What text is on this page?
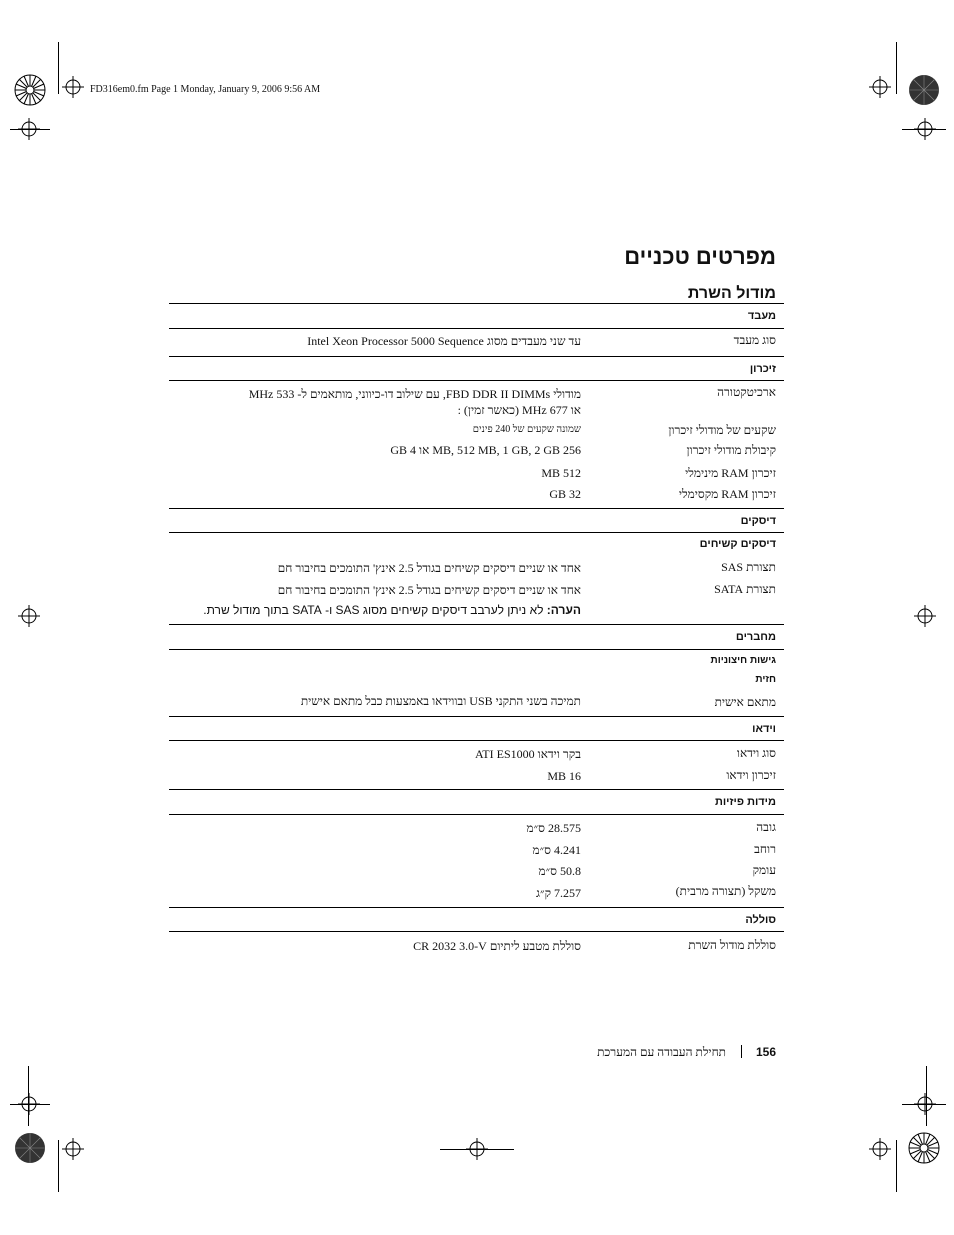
FD316em0.fm Page 1 Monday, January 9, 2006 9:56 AM
מפרטים טכניים
מודול השרת
מעבד
סוג מעבד
עד שני מעבדים מסוג Intel Xeon Processor 5000 Sequence
זיכרון
ארכיטקטורה
מודולי FBD DDR II DIMMs, עם שילוב דו-כיווני, מותאמים ל- 533 MHz
או 677 MHz (כאשר זמין) :
שקעים של מודולי זיכרון
שמונה שקעים של 240 פינים
קיבולת מודולי זיכרון
256 MB, 512 MB, 1 GB, 2 GB או 4 GB
זיכרון RAM מינימלי
512 MB
זיכרון RAM מקסימלי
32 GB
דיסקים
דיסקים קשיחים
תצורת SAS
אחד או שניים דיסקים קשיחים בגודל 2.5 אינץ' התומכים בחיבור חם
תצורת SATA
אחד או שניים דיסקים קשיחים בגודל 2.5 אינץ' התומכים בחיבור חם
הערה: לא ניתן לערבב דיסקים קשיחים מסוג SAS ו- SATA בתוך מודול שרת.
מחברים
גישות חיצוניות
חזית
מתאם אישית
תמיכה בשני התקני USB ובווידאו באמצעות כבל מתאם אישית
וידאו
סוג וידאו
בקר וידאו ATI ES1000
זיכרון וידאו
16 MB
מידות פיזיות
גובה
28.575 ס״מ
רוחב
4.241 ס״מ
עומק
50.8 ס״מ
משקל (תצורה מרבית)
7.257 ק״ג
סוללה
סוללת מודול השרת
סוללת מטבע ליתיום CR 2032 3.0-V
156
תחילת העבודה עם המערכת
